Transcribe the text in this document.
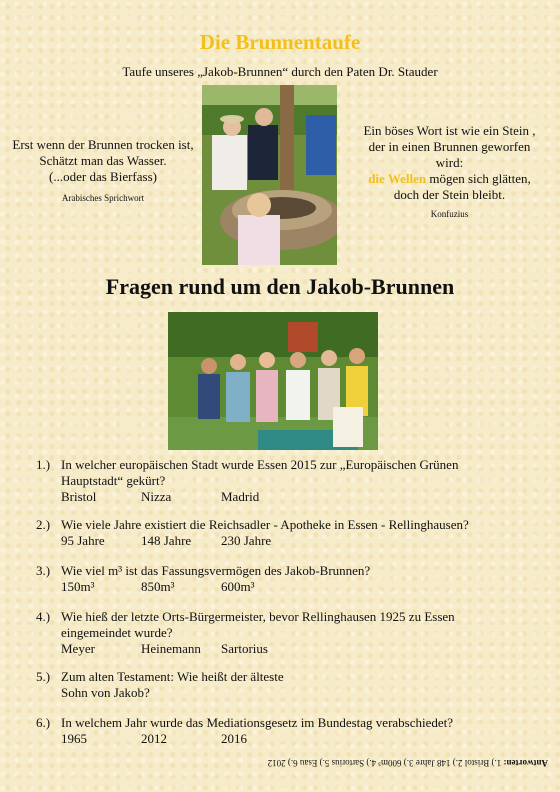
Die Brunnentaufe
Taufe unseres „Jakob-Brunnen“ durch den Paten Dr. Stauder
Erst wenn der Brunnen trocken ist,
Schätzt man das Wasser.
(...oder das Bierfass)
Arabisches Sprichwort
Ein böses Wort ist wie ein Stein ,
der in einen Brunnen geworfen
wird:
die Wellen mögen sich glätten,
doch der Stein bleibt.
Konfuzius
Fragen rund um den Jakob-Brunnen
1.) In welcher europäischen Stadt wurde Essen 2015 zur „Europäischen Grünen Hauptstadt“ gekürt?
Bristol	Nizza	Madrid
2.) Wie viele Jahre existiert die Reichsadler - Apotheke in Essen - Rellinghausen?
95 Jahre	148 Jahre 230 Jahre
3.) Wie viel m³ ist das Fassungsvermögen des Jakob-Brunnen?
150m³	850m³	600m³
4.) Wie hieß der letzte Orts-Bürgermeister, bevor Rellinghausen 1925 zu Essen eingemeindet wurde?
Meyer	Heinemann Sartorius
5.) Zum alten Testament: Wie heißt der älteste Sohn von Jakob?
6.) In welchem Jahr wurde das Mediationsgesetz im Bundestag verabschiedet?
1965	2012	2016
Antworten: 1.) Bristol 2.) 148 Jahre 3.) 600m³ 4.) Sartorius 5.) Esau 6.) 2012
